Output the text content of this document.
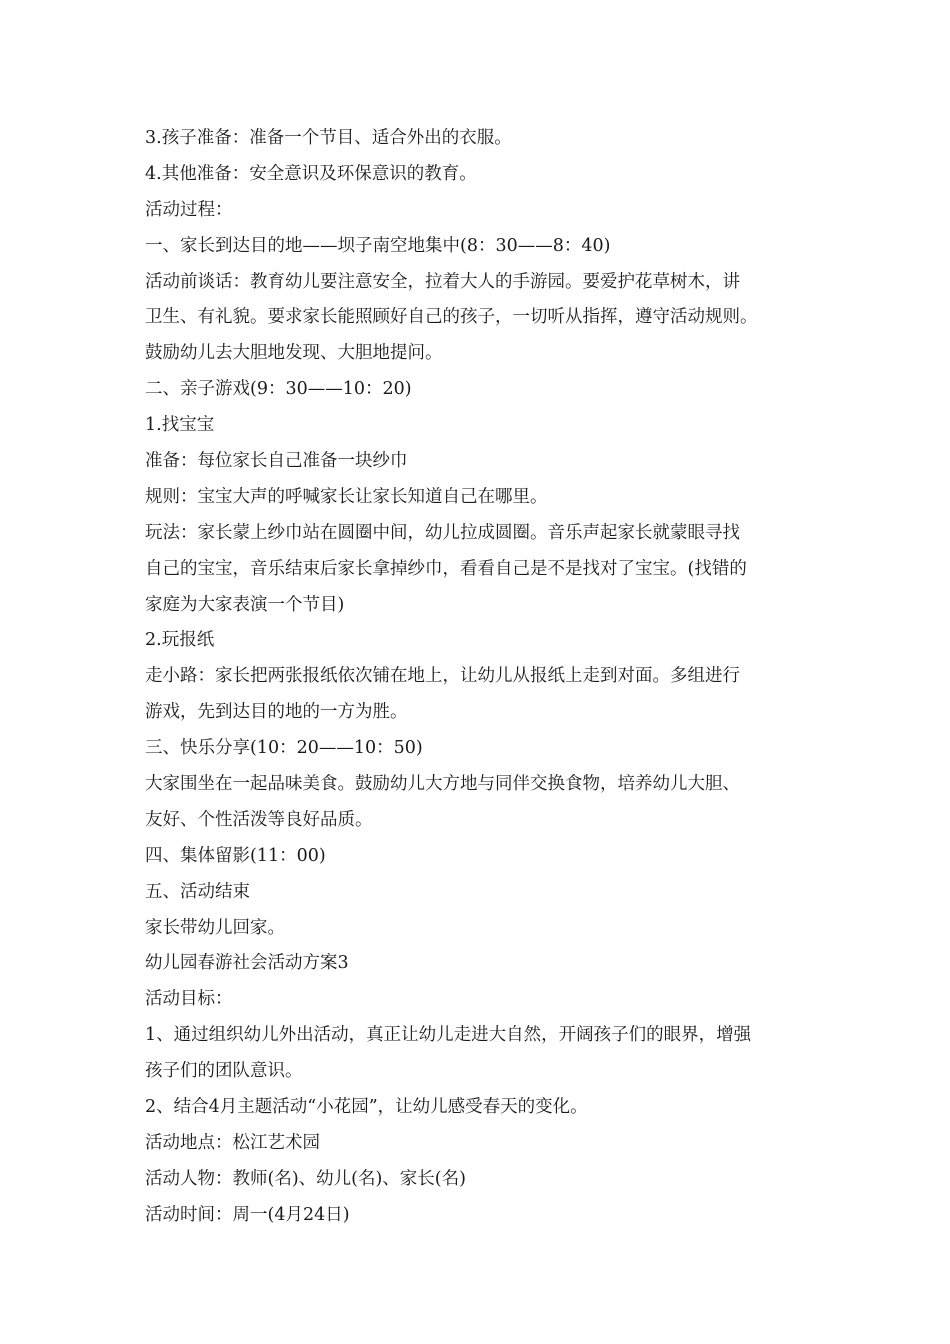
3.孩子准备：准备一个节目、适合外出的衣服。
4.其他准备：安全意识及环保意识的教育。
活动过程：
一、家长到达目的地——坝子南空地集中(8：30——8：40)
活动前谈话：教育幼儿要注意安全，拉着大人的手游园。要爱护花草树木，讲
卫生、有礼貌。要求家长能照顾好自己的孩子，一切听从指挥，遵守活动规则。
鼓励幼儿去大胆地发现、大胆地提问。
二、亲子游戏(9：30——10：20)
1.找宝宝
准备：每位家长自己准备一块纱巾
规则：宝宝大声的呼喊家长让家长知道自己在哪里。
玩法：家长蒙上纱巾站在圆圈中间，幼儿拉成圆圈。音乐声起家长就蒙眼寻找
自己的宝宝，音乐结束后家长拿掉纱巾，看看自己是不是找对了宝宝。(找错的
家庭为大家表演一个节目)
2.玩报纸
走小路：家长把两张报纸依次铺在地上，让幼儿从报纸上走到对面。多组进行
游戏，先到达目的地的一方为胜。
三、快乐分享(10：20——10：50)
大家围坐在一起品味美食。鼓励幼儿大方地与同伴交换食物，培养幼儿大胆、
友好、个性活泼等良好品质。
四、集体留影(11：00)
五、活动结束
家长带幼儿回家。
幼儿园春游社会活动方案3
活动目标：
1、通过组织幼儿外出活动，真正让幼儿走进大自然，开阔孩子们的眼界，增强
孩子们的团队意识。
2、结合4月主题活动“小花园”，让幼儿感受春天的变化。
活动地点：松江艺术园
活动人物：教师(名)、幼儿(名)、家长(名)
活动时间：周一(4月24日)
